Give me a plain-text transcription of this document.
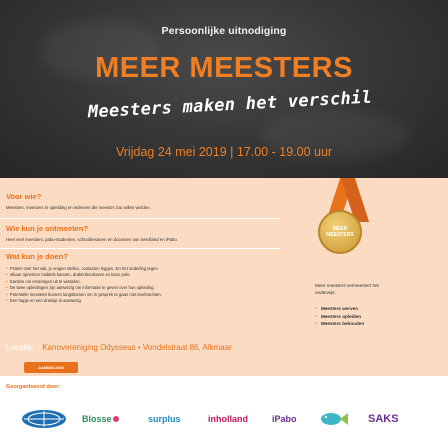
Persoonlijke uitnodiging
MEER MEESTERS
Meesters maken het verschil
Vrijdag 24 mei 2019 | 17.00 - 19.00 uur
Voor wie?
Meesters, meesters in opleiding en iedereen die meester zou willen worden.
Wie kun je ontmoeten?
Heel veel meesters, pabo-studenten, schoolbesturen en docenten van inHolland en iPabo.
Wat kun je doen?
• Praten over het vak, je vragen stellen, contacten leggen. En het onderling tegen
• elkaar opnemen middels kanoën, drakenbootraven en kano polo.
• Kantine om ervaringen uit te wisselen.
• De twee opleidingen zijn aanwezig om informatie te geven over hun opleiding.
• Potentiële meesters kunnen langskomen om in gesprek te gaan met leerkrachten.
• Een hapje en een drankje is aanwezig.
Locatie: Kanovereniging Odysseus • Vondelstraat 86, Alkmaar
AANMELDEN
MEER
MEESTERS
Meer meesters vermeestert het onderwijs:
• Meesters werven
• Meesters opleiden
• Meesters behouden
Georganiseerd door:
Blosse	surplus	inholland	iPabo	SAKS
